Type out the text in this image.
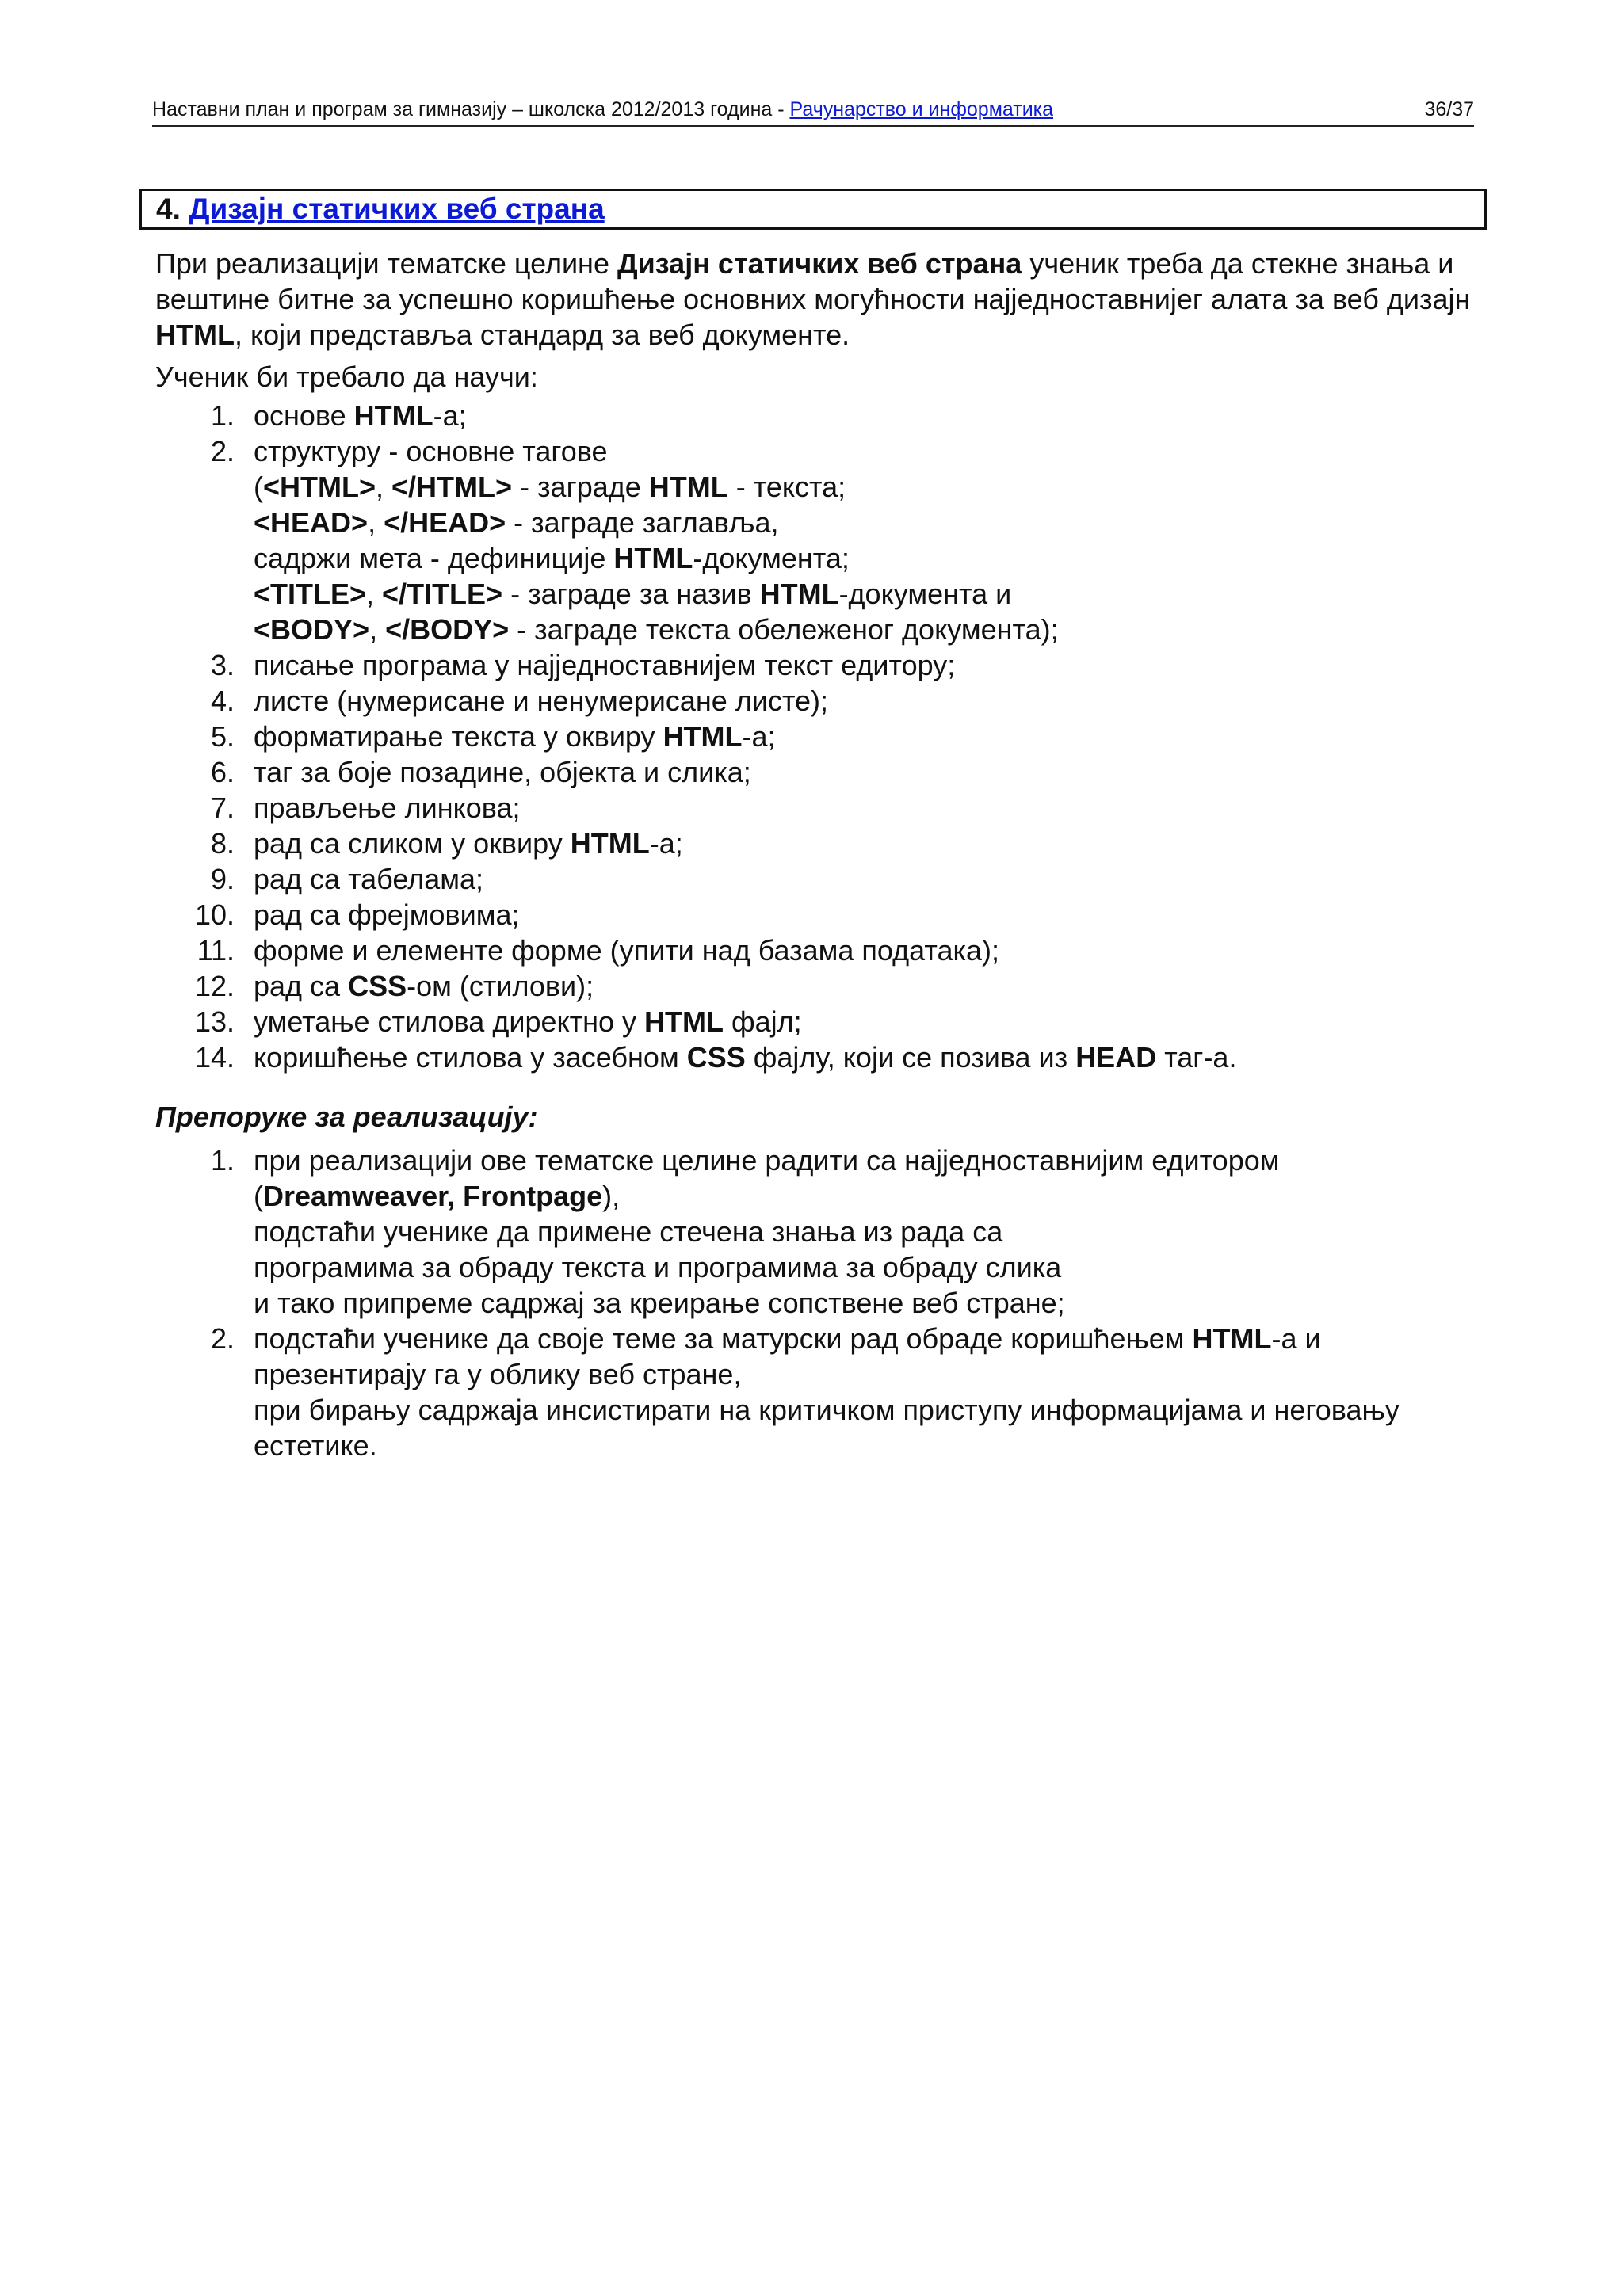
Наставни план и програм за гимназију – школска 2012/2013 година - Рачунарство и информатика	36/37
4. Дизајн статичких веб страна

При реализацији тематске целине Дизајн статичких веб страна ученик треба да стекне знања и вештине битне за успешно коришћење основних могућности најједноставнијег алата за веб дизајн HTML, који представља стандард за веб документе.

Ученик би требало да научи:

1. основе HTML-а;
2. структуру - основне тагове
(<HTML>, </HTML> - заграде HTML - текста;
<HEAD>, </HEAD> - заграде заглавља,
садржи мета - дефиниције HTML-документа;
<TITLE>, </TITLE> - заграде за назив HTML-документа и
<BODY>, </BODY> - заграде текста обележеног документа);
3. писање програма у најједноставнијем текст едитору;
4. листе (нумерисане и ненумерисане листе);
5. форматирање текста у оквиру HTML-а;
6. таг за боје позадине, објекта и слика;
7. прављење линкова;
8. рад са сликом у оквиру HTML-а;
9. рад са табелама;
10. рад са фрејмовима;
11. форме и елементе форме (упити над базама података);
12. рад са CSS-ом (стилови);
13. уметање стилова директно у HTML фајл;
14. коришћење стилова у засебном CSS фајлу, који се позива из HEAD таг-а.

Препоруке за реализацију:

1. при реализацији ове тематске целине радити са најједноставнијим едитором
(Dreamweaver, Frontpage),
подстаћи ученике да примене стечена знања из рада са
програмима за обраду текста и програмима за обраду слика
и тако припреме садржај за креирање сопствене веб стране;
2. подстаћи ученике да своје теме за матурски рад обраде коришћењем HTML-а и
презентирају га у облику веб стране,
при бирању садржаја инсистирати на критичком приступу информацијама и неговању
естетике.
